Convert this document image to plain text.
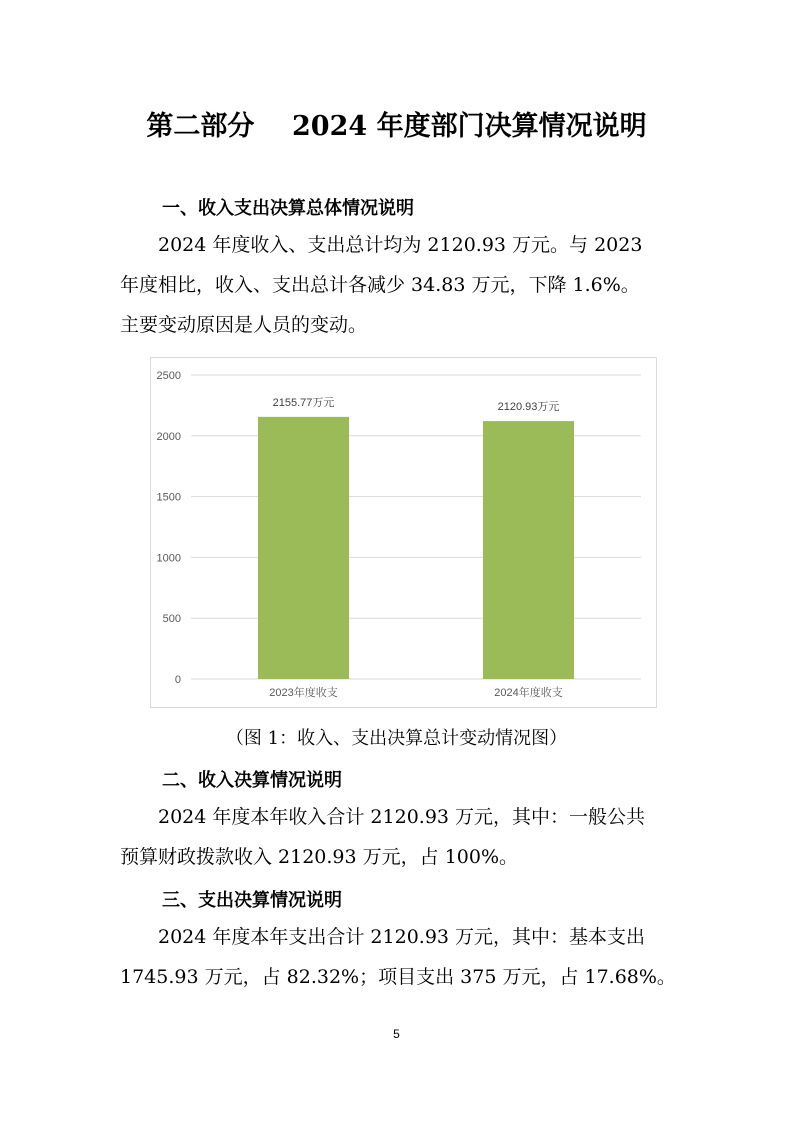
第二部分    2024 年度部门决算情况说明
一、收入支出决算总体情况说明
2024 年度收入、支出总计均为 2120.93 万元。与 2023
年度相比，收入、支出总计各减少 34.83 万元，下降 1.6%。
主要变动原因是人员的变动。
0
500
1000
1500
2000
2500
2155.77万元
2023年度收支
2120.93万元
2024年度收支
（图 1：收入、支出决算总计变动情况图）
二、收入决算情况说明
2024 年度本年收入合计 2120.93 万元，其中：一般公共
预算财政拨款收入 2120.93 万元，占 100%。
三、支出决算情况说明
2024 年度本年支出合计 2120.93 万元，其中：基本支出
1745.93 万元，占 82.32%；项目支出 375 万元，占 17.68%。
5
